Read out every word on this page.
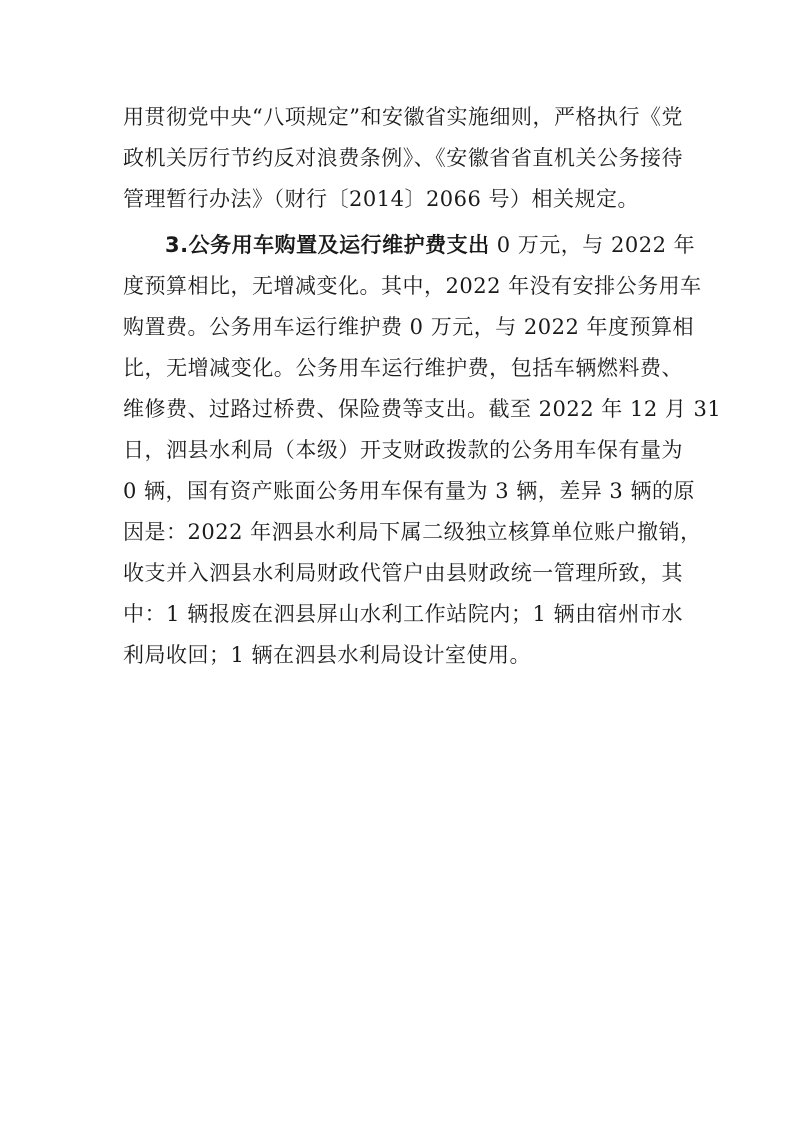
用贯彻党中央“八项规定”和安徽省实施细则，严格执行《党
政机关厉行节约反对浪费条例》、《安徽省省直机关公务接待
管理暂行办法》（财行〔2014〕2066 号）相关规定。
3.公务用车购置及运行维护费支出 0 万元，与 2022 年
度预算相比，无增减变化。其中，2022 年没有安排公务用车
购置费。公务用车运行维护费 0 万元，与 2022 年度预算相
比，无增减变化。公务用车运行维护费，包括车辆燃料费、
维修费、过路过桥费、保险费等支出。截至 2022 年 12 月 31
日，泗县水利局（本级）开支财政拨款的公务用车保有量为
0 辆，国有资产账面公务用车保有量为 3 辆，差异 3 辆的原
因是：2022 年泗县水利局下属二级独立核算单位账户撤销，
收支并入泗县水利局财政代管户由县财政统一管理所致，其
中：1 辆报废在泗县屏山水利工作站院内；1 辆由宿州市水
利局收回；1 辆在泗县水利局设计室使用。
